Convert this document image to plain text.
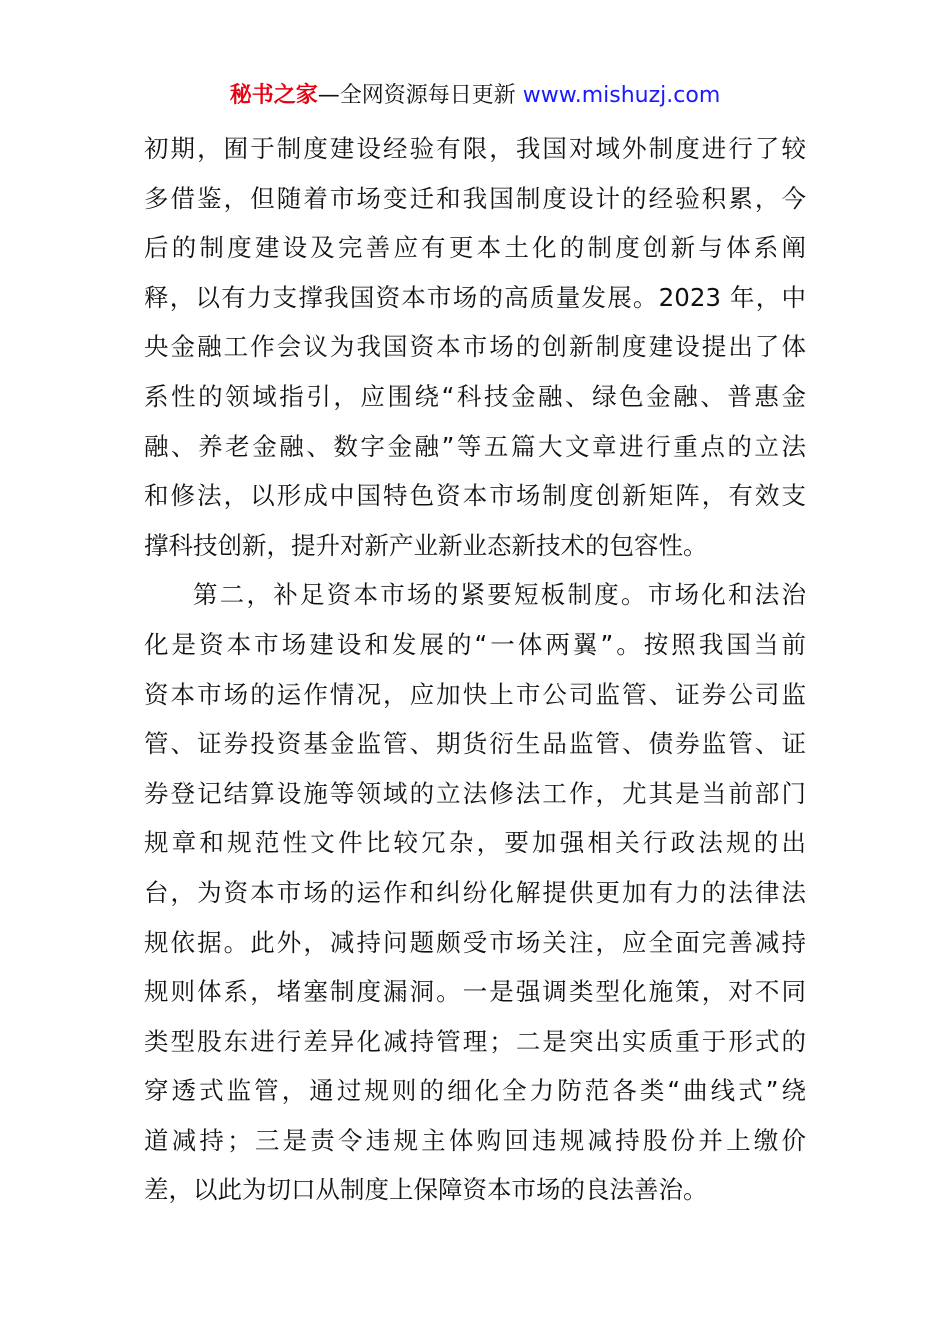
秘书之家—全网资源每日更新 www.mishuzj.com
初期，囿于制度建设经验有限，我国对域外制度进行了较
多借鉴，但随着市场变迁和我国制度设计的经验积累，今
后的制度建设及完善应有更本土化的制度创新与体系阐
释，以有力支撑我国资本市场的高质量发展。2023 年，中
央金融工作会议为我国资本市场的创新制度建设提出了体
系性的领域指引，应围绕“科技金融、绿色金融、普惠金
融、养老金融、数字金融”等五篇大文章进行重点的立法
和修法，以形成中国特色资本市场制度创新矩阵，有效支
撑科技创新，提升对新产业新业态新技术的包容性。
第二，补足资本市场的紧要短板制度。市场化和法治
化是资本市场建设和发展的“一体两翼”。按照我国当前
资本市场的运作情况，应加快上市公司监管、证券公司监
管、证券投资基金监管、期货衍生品监管、债券监管、证
券登记结算设施等领域的立法修法工作，尤其是当前部门
规章和规范性文件比较冗杂，要加强相关行政法规的出
台，为资本市场的运作和纠纷化解提供更加有力的法律法
规依据。此外，减持问题颇受市场关注，应全面完善减持
规则体系，堵塞制度漏洞。一是强调类型化施策，对不同
类型股东进行差异化减持管理；二是突出实质重于形式的
穿透式监管，通过规则的细化全力防范各类“曲线式”绕
道减持；三是责令违规主体购回违规减持股份并上缴价
差，以此为切口从制度上保障资本市场的良法善治。
